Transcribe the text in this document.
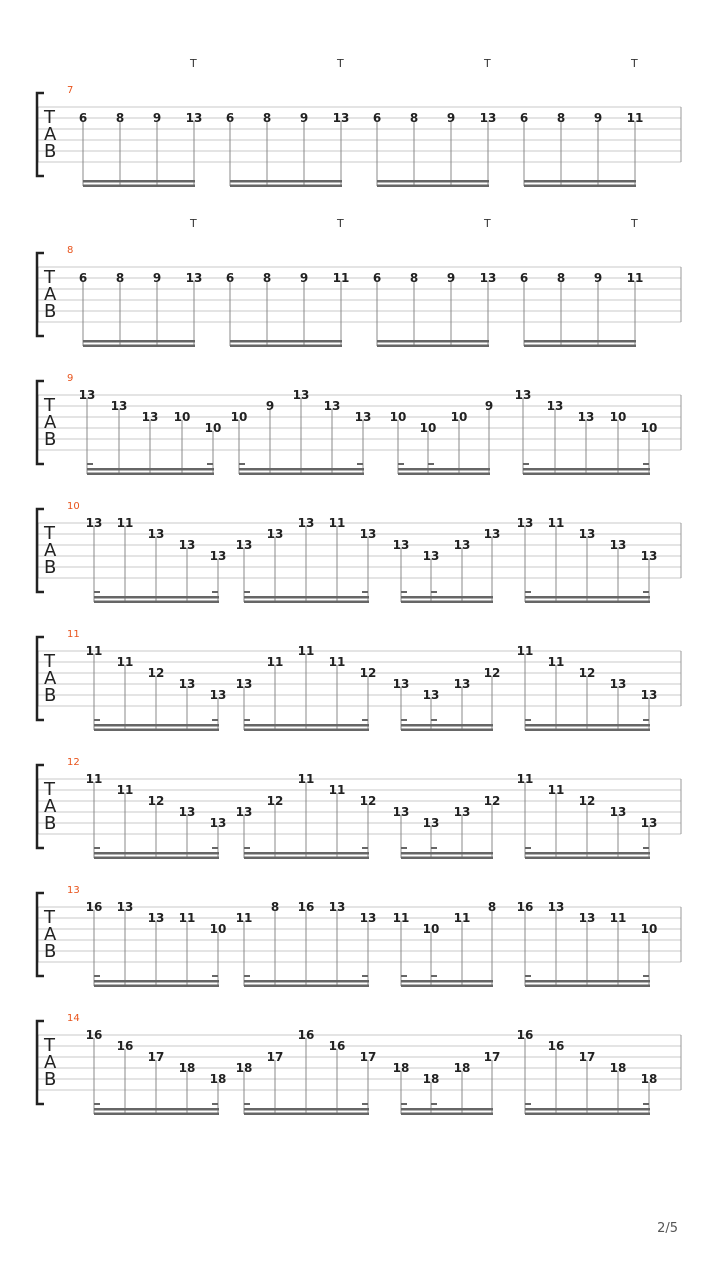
7
T
A
B
T
6 8 9 13
T
6 8 9 13
T
6 8 9 13
T
6 8 9 11
8
T
A
B
T
6 8 9 13
T
6 8 9 11
T
6 8 9 13
T
6 8 9 11
9
T
A
B
13
13
13 10
10
10
9
13
13
13 10
10
10
9
13
13
13 10
10
10
T
A
B
13 11
13
13
13
13
13
13 11
13
13
13
13
13
13 11
13
13
13
11
T
A
B
11
11
12
13
13
13
11
11
11
12
13
13
13
12
11
11
12
13
13
12
T
A
B
11
11
12
13
13
13
12
11
11
12
13
13
13
12
11
11
12
13
13
13
T
A
B
16 13
13 11
10
11
8 16 13
13 11
10
11
8 16 13
13 11
10
14
T
A
B
16
16
17
18
18
18
17
16
16
17
18
18
18
17
16
16
17
18
18
2/5
